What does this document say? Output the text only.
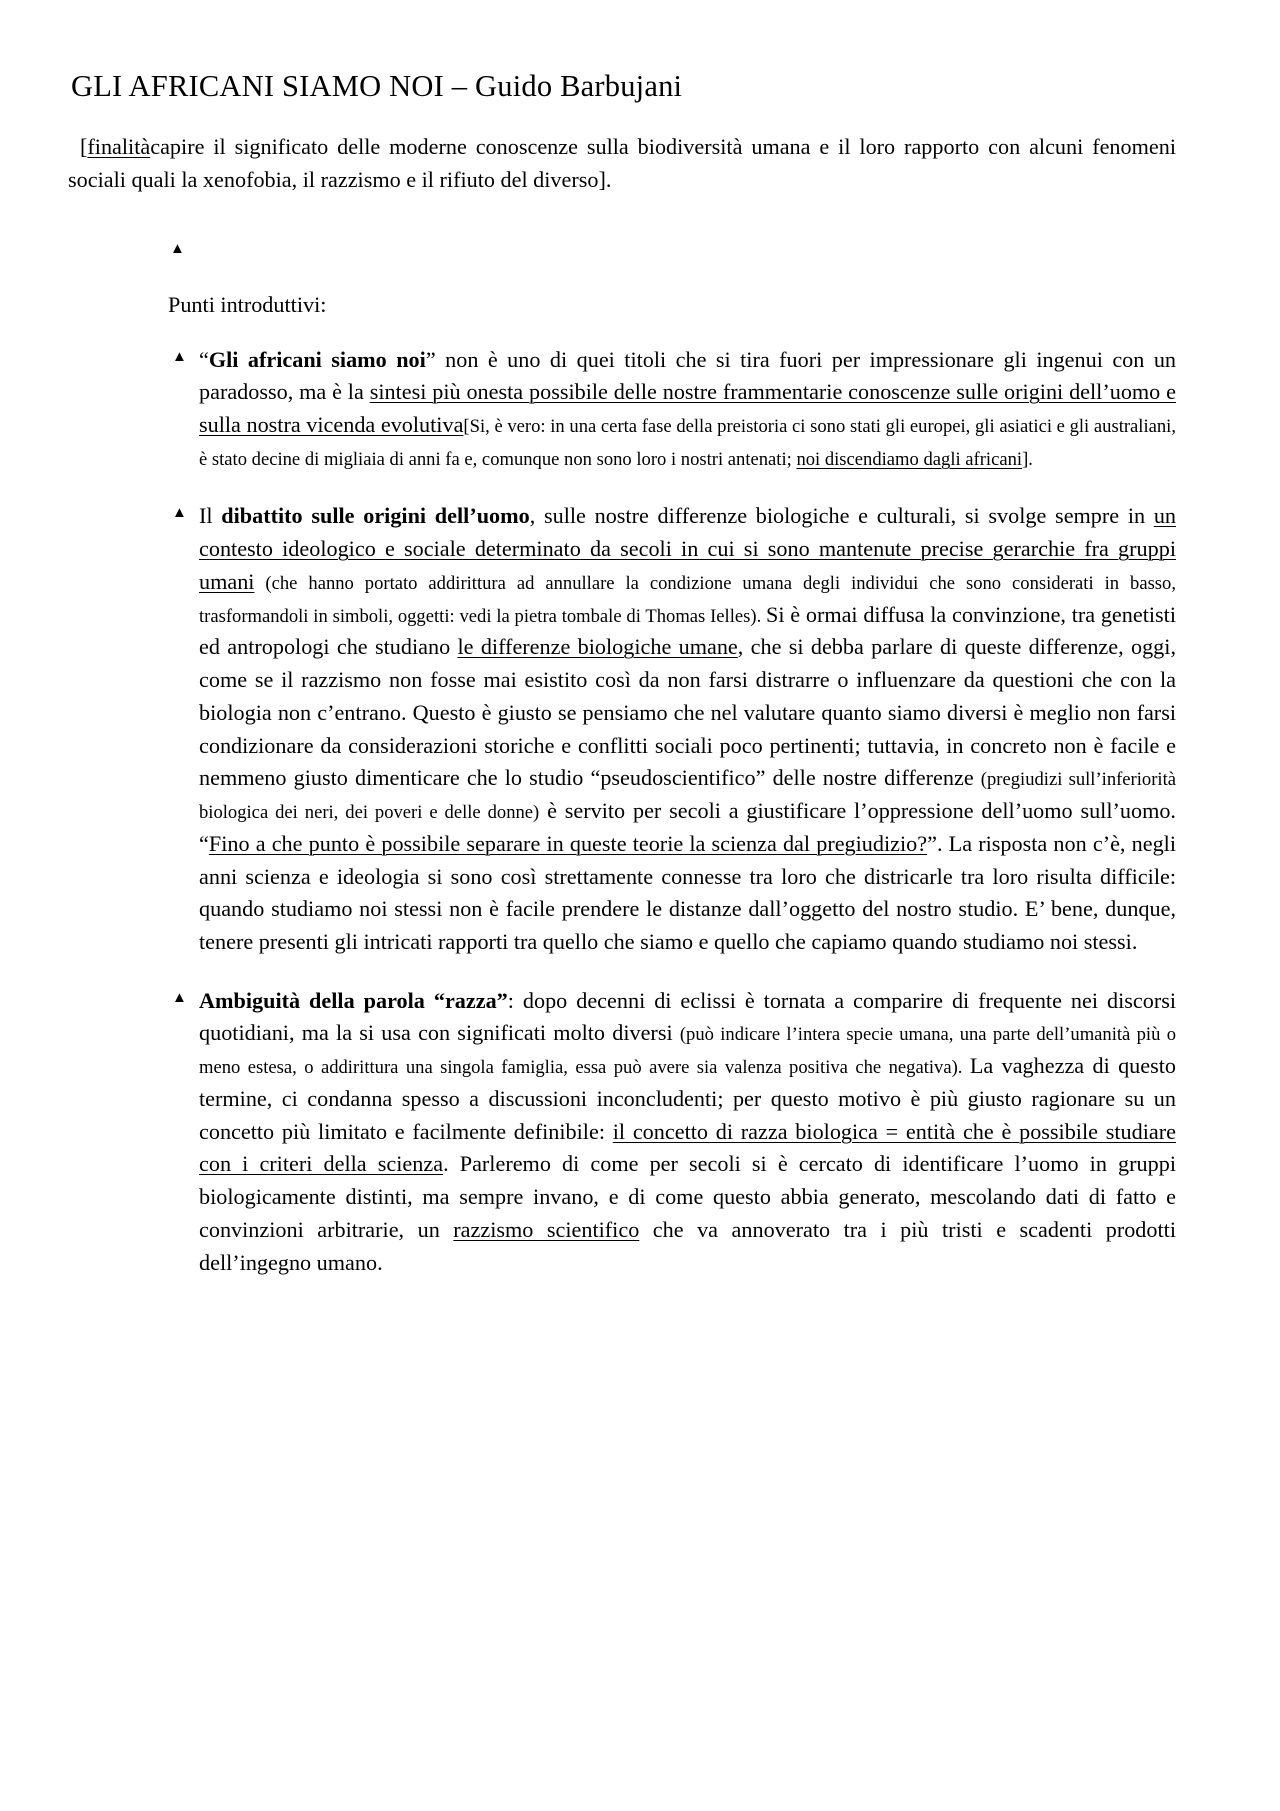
GLI AFRICANI SIAMO NOI – Guido Barbujani

[finalitàcapire il significato delle moderne conoscenze sulla biodiversità umana e il loro rapporto con alcuni fenomeni sociali quali la xenofobia, il razzismo e il rifiuto del diverso].

▲
Punti introduttivi:
▲ “Gli africani siamo noi” non è uno di quei titoli che si tira fuori per impressionare gli ingenui con un paradosso, ma è la sintesi più onesta possibile delle nostre frammentarie conoscenze sulle origini dell’uomo e sulla nostra vicenda evolutiva[Si, è vero: in una certa fase della preistoria ci sono stati gli europei, gli asiatici e gli australiani, è stato decine di migliaia di anni fa e, comunque non sono loro i nostri antenati; noi discendiamo dagli africani].

▲ Il dibattito sulle origini dell’uomo, sulle nostre differenze biologiche e culturali, si svolge sempre in un contesto ideologico e sociale determinato da secoli in cui si sono mantenute precise gerarchie fra gruppi umani (che hanno portato addirittura ad annullare la condizione umana degli individui che sono considerati in basso, trasformandoli in simboli, oggetti: vedi la pietra tombale di Thomas Ielles). Si è ormai diffusa la convinzione, tra genetisti ed antropologi che studiano le differenze biologiche umane, che si debba parlare di queste differenze, oggi, come se il razzismo non fosse mai esistito così da non farsi distrarre o influenzare da questioni che con la biologia non c’entrano. Questo è giusto se pensiamo che nel valutare quanto siamo diversi è meglio non farsi condizionare da considerazioni storiche e conflitti sociali poco pertinenti; tuttavia, in concreto non è facile e nemmeno giusto dimenticare che lo studio “pseudoscientifico” delle nostre differenze (pregiudizi sull’inferiorità biologica dei neri, dei poveri e delle donne) è servito per secoli a giustificare l’oppressione dell’uomo sull’uomo. “Fino a che punto è possibile separare in queste teorie la scienza dal pregiudizio?”. La risposta non c’è, negli anni scienza e ideologia si sono così strettamente connesse tra loro che districarle tra loro risulta difficile: quando studiamo noi stessi non è facile prendere le distanze dall’oggetto del nostro studio. E’ bene, dunque, tenere presenti gli intricati rapporti tra quello che siamo e quello che capiamo quando studiamo noi stessi.

▲ Ambiguità della parola “razza”: dopo decenni di eclissi è tornata a comparire di frequente nei discorsi quotidiani, ma la si usa con significati molto diversi (può indicare l’intera specie umana, una parte dell’umanità più o meno estesa, o addirittura una singola famiglia, essa può avere sia valenza positiva che negativa). La vaghezza di questo termine, ci condanna spesso a discussioni inconcludenti; per questo motivo è più giusto ragionare su un concetto più limitato e facilmente definibile: il concetto di razza biologica = entità che è possibile studiare con i criteri della scienza. Parleremo di come per secoli si è cercato di identificare l’uomo in gruppi biologicamente distinti, ma sempre invano, e di come questo abbia generato, mescolando dati di fatto e convinzioni arbitrarie, un razzismo scientifico che va annoverato tra i più tristi e scadenti prodotti dell’ingegno umano.
